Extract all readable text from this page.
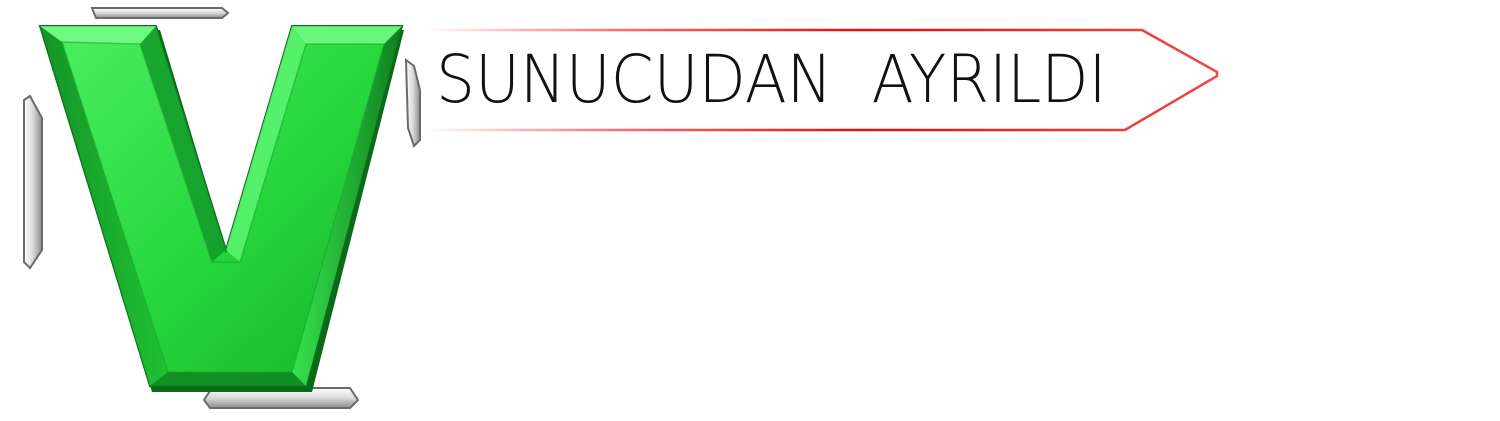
SUNUCUDAN  AYRILDI
